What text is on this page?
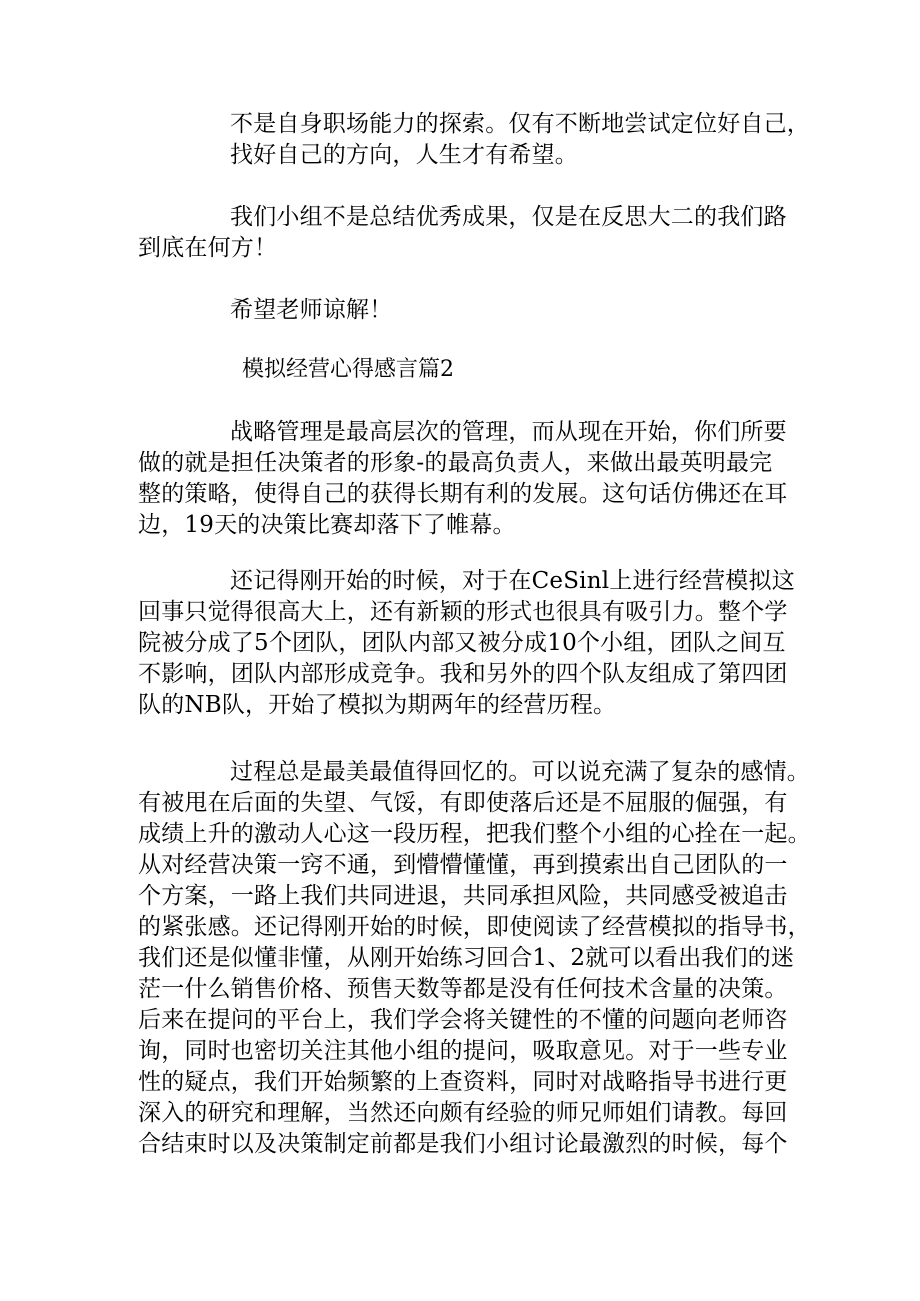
不是自身职场能力的探索。仅有不断地尝试定位好自己，
找好自己的方向，人生才有希望。

我们小组不是总结优秀成果，仅是在反思大二的我们路
到底在何方！

希望老师谅解！

模拟经营心得感言篇2

战略管理是最高层次的管理，而从现在开始，你们所要
做的就是担任决策者的形象-的最高负责人，来做出最英明最完
整的策略，使得自己的获得长期有利的发展。这句话仿佛还在耳
边，19天的决策比赛却落下了帷幕。

还记得刚开始的时候，对于在CeSinl上进行经营模拟这
回事只觉得很高大上，还有新颖的形式也很具有吸引力。整个学
院被分成了5个团队，团队内部又被分成10个小组，团队之间互
不影响，团队内部形成竞争。我和另外的四个队友组成了第四团
队的NB队，开始了模拟为期两年的经营历程。

过程总是最美最值得回忆的。可以说充满了复杂的感情。
有被甩在后面的失望、气馁，有即使落后还是不屈服的倔强，有
成绩上升的激动人心这一段历程，把我们整个小组的心拴在一起。
从对经营决策一窍不通，到懵懵懂懂，再到摸索出自己团队的一
个方案，一路上我们共同进退，共同承担风险，共同感受被追击
的紧张感。还记得刚开始的时候，即使阅读了经营模拟的指导书，
我们还是似懂非懂，从刚开始练习回合1、2就可以看出我们的迷
茫一什么销售价格、预售天数等都是没有任何技术含量的决策。
后来在提问的平台上，我们学会将关键性的不懂的问题向老师咨
询，同时也密切关注其他小组的提问，吸取意见。对于一些专业
性的疑点，我们开始频繁的上查资料，同时对战略指导书进行更
深入的研究和理解，当然还向颇有经验的师兄师姐们请教。每回
合结束时以及决策制定前都是我们小组讨论最激烈的时候，每个
